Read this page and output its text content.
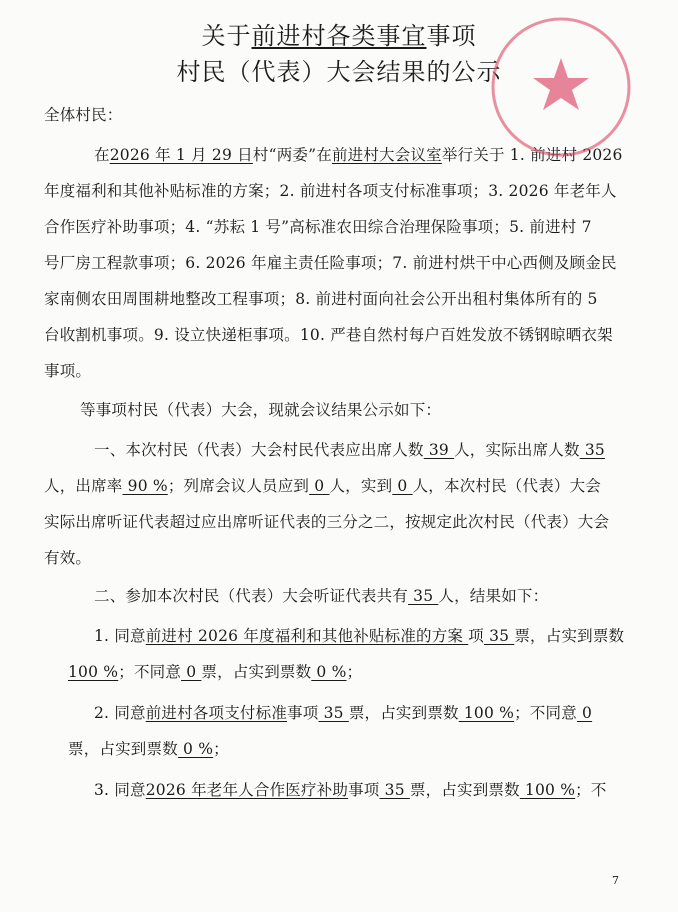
关于前进村各类事宜事项
村民（代表）大会结果的公示
全体村民：
在2026 年 1 月 29 日村“两委”在前进村大会议室举行关于 1. 前进村 2026
年度福利和其他补贴标准的方案；2. 前进村各项支付标准事项；3. 2026 年老年人
合作医疗补助事项；4. “苏耘 1 号”高标准农田综合治理保险事项；5. 前进村 7
号厂房工程款事项；6. 2026 年雇主责任险事项；7. 前进村烘干中心西侧及顾金民
家南侧农田周围耕地整改工程事项；8. 前进村面向社会公开出租村集体所有的 5
台收割机事项。9. 设立快递柜事项。10. 严巷自然村每户百姓发放不锈钢晾晒衣架
事项。
等事项村民（代表）大会，现就会议结果公示如下：
一、本次村民（代表）大会村民代表应出席人数 39 人，实际出席人数 35
人，出席率 90 %；列席会议人员应到 0 人，实到 0 人，本次村民（代表）大会
实际出席听证代表超过应出席听证代表的三分之二，按规定此次村民（代表）大会
有效。
二、参加本次村民（代表）大会听证代表共有 35 人，结果如下：
1. 同意前进村 2026 年度福利和其他补贴标准的方案 项 35 票，占实到票数
100 %；不同意 0 票，占实到票数 0 %；
2. 同意前进村各项支付标准事项 35 票，占实到票数 100 %；不同意 0
票，占实到票数 0 %；
3. 同意2026 年老年人合作医疗补助事项 35 票，占实到票数 100 %；不
7
